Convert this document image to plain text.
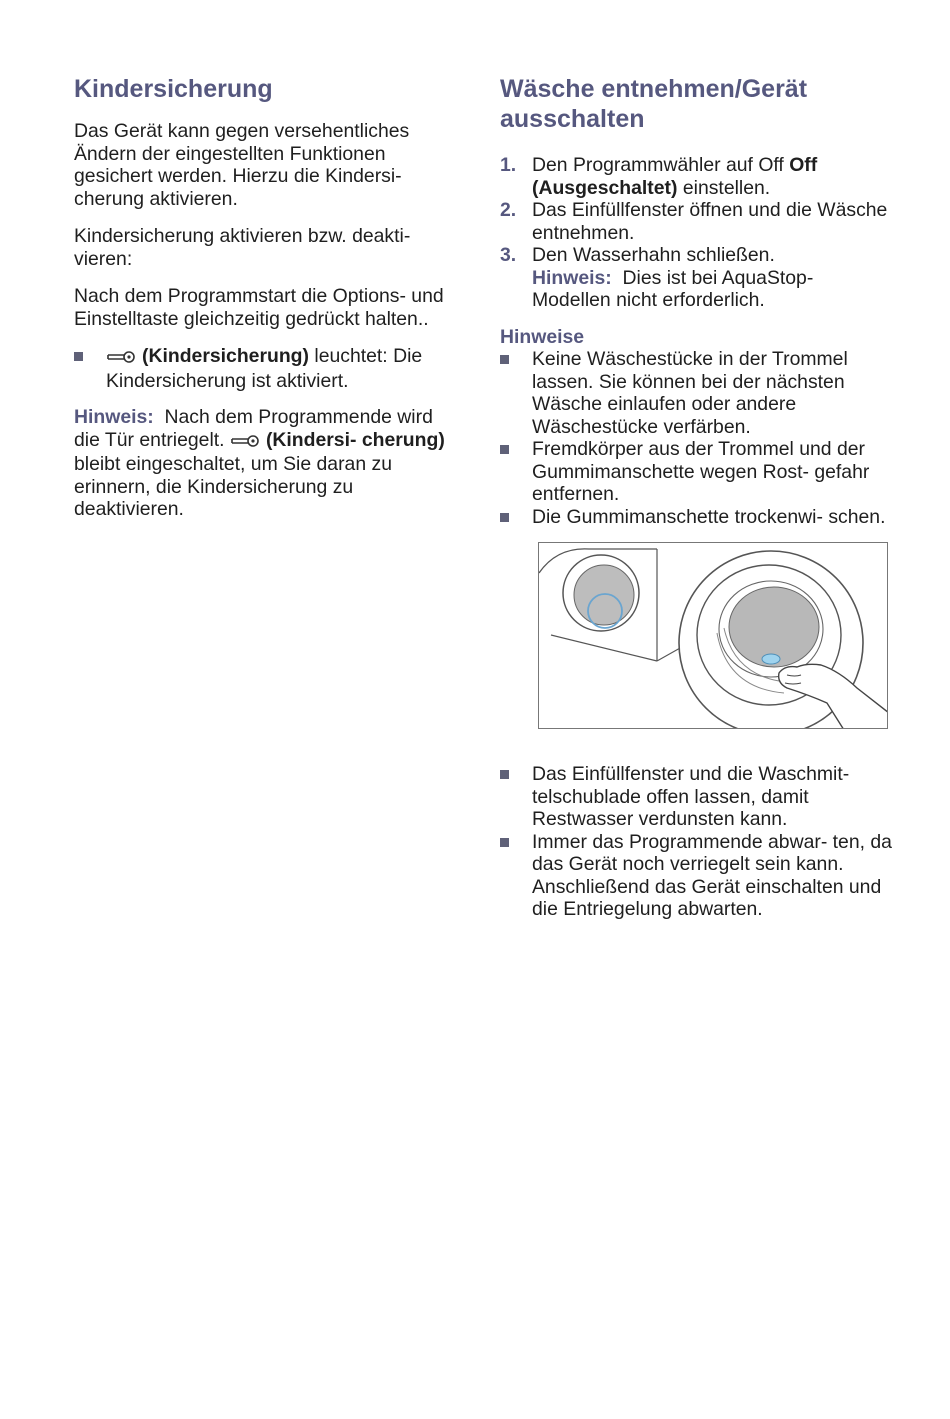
Kindersicherung

Das Gerät kann gegen versehentliches Ändern der eingestellten Funktionen gesichert werden. Hierzu die Kindersi- cherung aktivieren.

Kindersicherung aktivieren bzw. deakti- vieren:

Nach dem Programmstart die Options- und Einstelltaste gleichzeitig gedrückt halten..

(Kindersicherung) leuchtet: Die Kindersicherung ist aktiviert.

Hinweis: Nach dem Programmende wird die Tür entriegelt. (Kindersi- cherung) bleibt eingeschaltet, um Sie daran zu erinnern, die Kindersicherung zu deaktivieren.

Wäsche entnehmen/Gerät ausschalten
1. Den Programmwähler auf Off Off (Ausgeschaltet) einstellen.
2. Das Einfüllfenster öffnen und die Wäsche entnehmen.
3. Den Wasserhahn schließen.
Hinweis: Dies ist bei AquaStop- Modellen nicht erforderlich.
Hinweise
Keine Wäschestücke in der Trommel lassen. Sie können bei der nächsten Wäsche einlaufen oder andere Wäschestücke verfärben.
Fremdkörper aus der Trommel und der Gummimanschette wegen Rost- gefahr entfernen.
Die Gummimanschette trockenwi- schen.
Das Einfüllfenster und die Waschmit- telschublade offen lassen, damit Restwasser verdunsten kann.
Immer das Programmende abwar- ten, da das Gerät noch verriegelt sein kann. Anschließend das Gerät einschalten und die Entriegelung abwarten.
